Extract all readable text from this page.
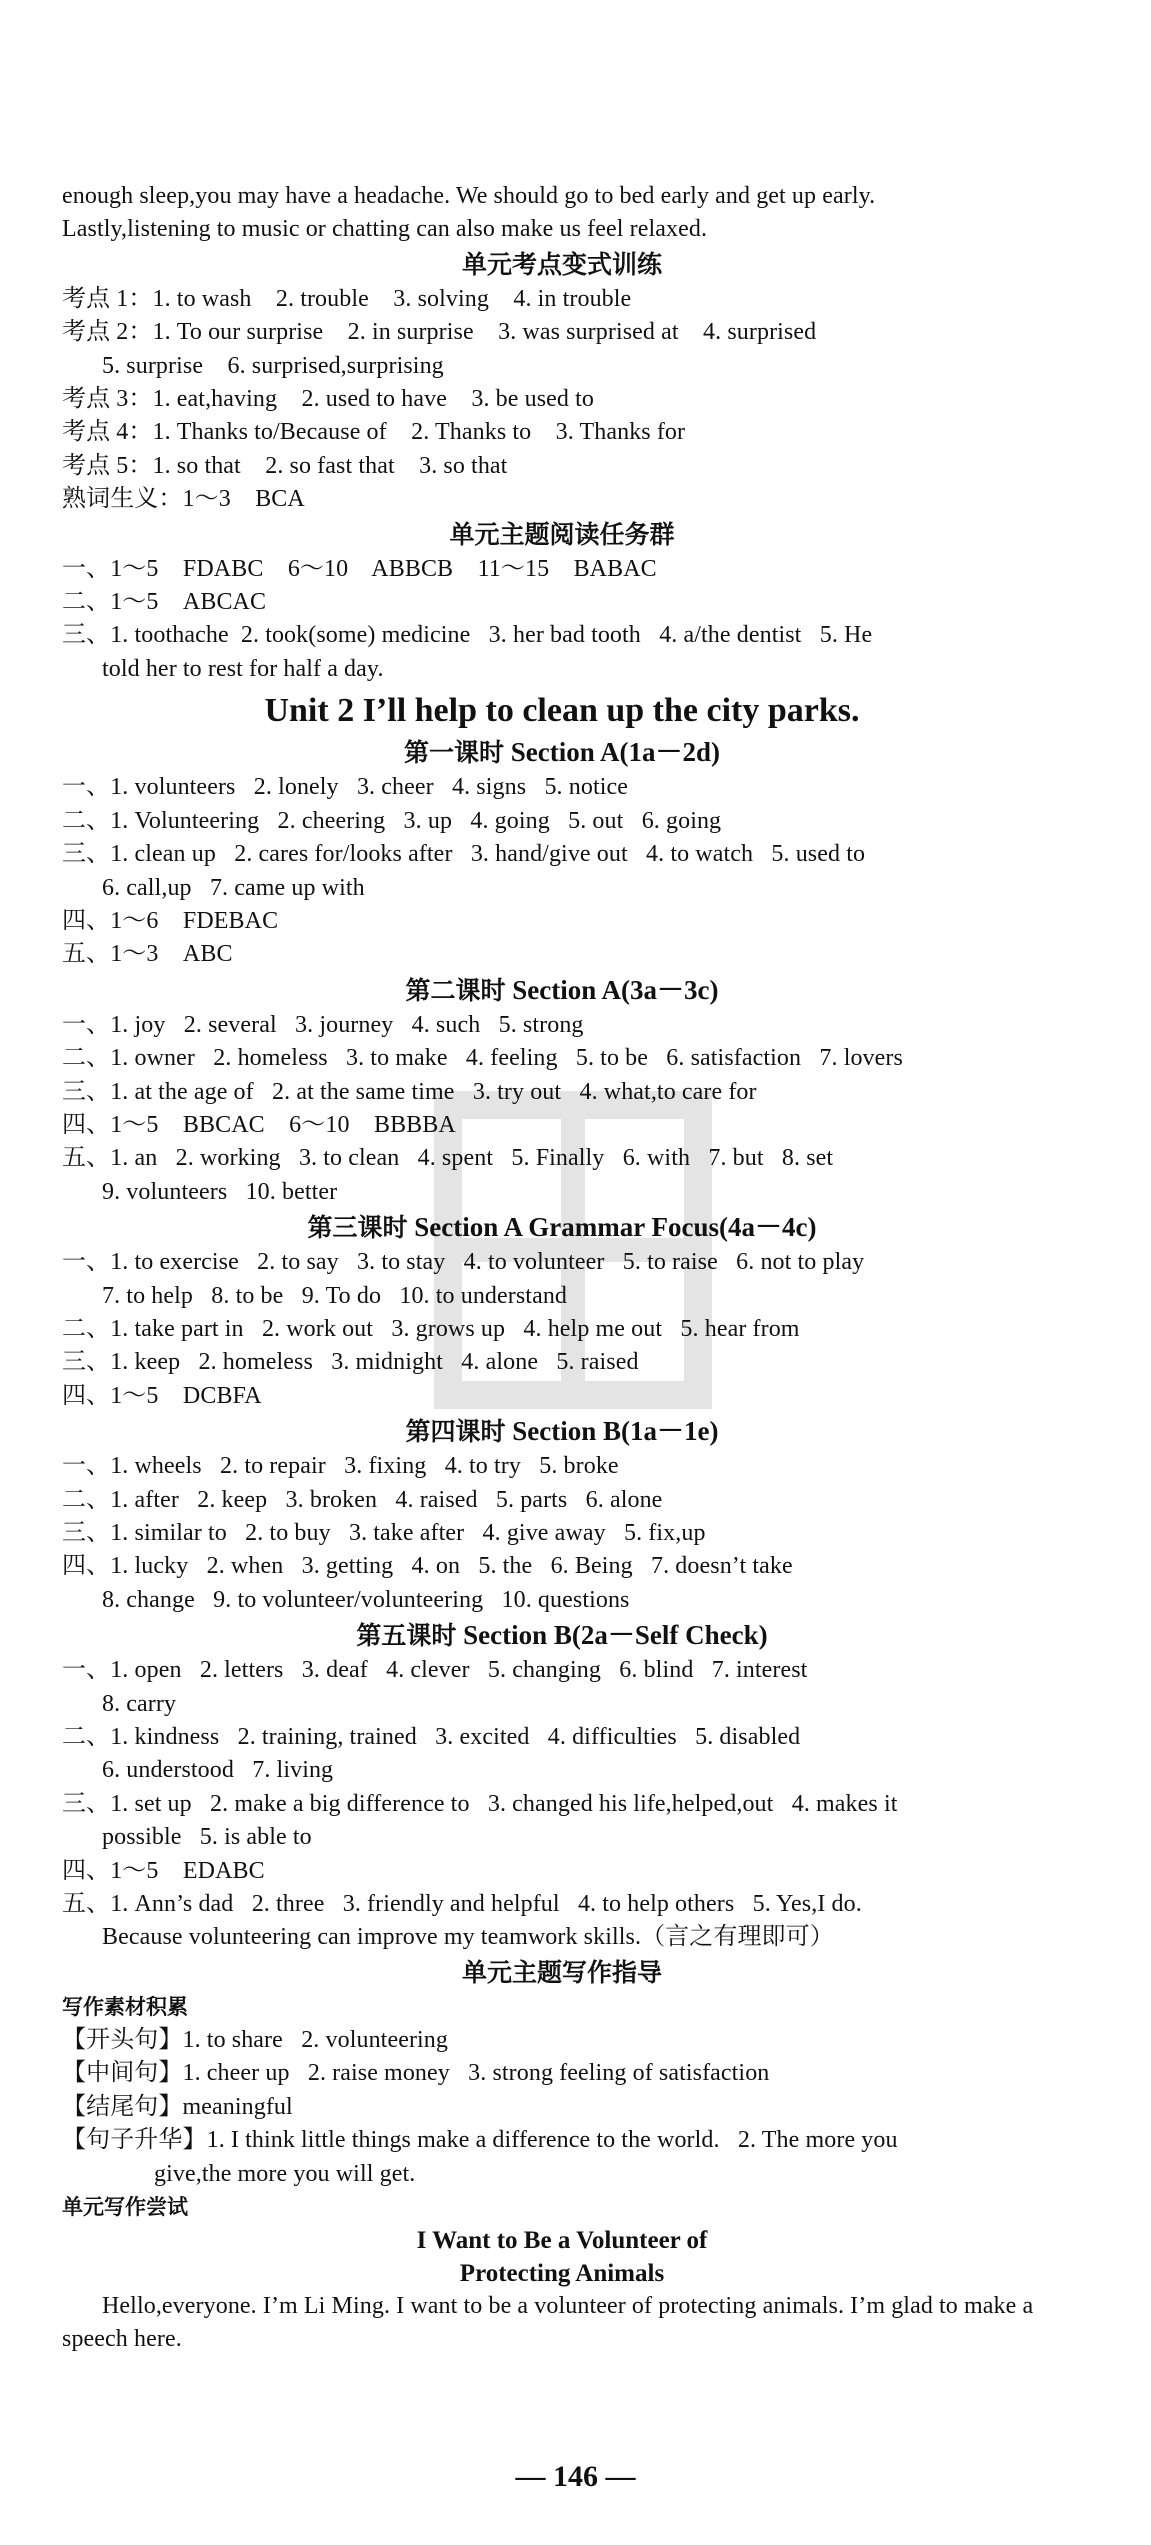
enough sleep,you may have a headache. We should go to bed early and get up early.
Lastly,listening to music or chatting can also make us feel relaxed.
单元考点变式训练
考点 1：1. to wash    2. trouble    3. solving    4. in trouble
考点 2：1. To our surprise    2. in surprise    3. was surprised at    4. surprised
5. surprise    6. surprised,surprising
考点 3：1. eat,having    2. used to have    3. be used to
考点 4：1. Thanks to/Because of    2. Thanks to    3. Thanks for
考点 5：1. so that    2. so fast that    3. so that
熟词生义：1～3    BCA
单元主题阅读任务群
一、1～5    FDABC    6～10    ABBCB    11～15    BABAC
二、1～5    ABCAC
三、1. toothache  2. took(some) medicine   3. her bad tooth   4. a/the dentist   5. He
told her to rest for half a day.
Unit 2 I’ll help to clean up the city parks.
第一课时 Section A(1a－2d)
一、1. volunteers   2. lonely   3. cheer   4. signs   5. notice
二、1. Volunteering   2. cheering   3. up   4. going   5. out   6. going
三、1. clean up   2. cares for/looks after   3. hand/give out   4. to watch   5. used to
6. call,up   7. came up with
四、1～6    FDEBAC
五、1～3    ABC
第二课时 Section A(3a－3c)
一、1. joy   2. several   3. journey   4. such   5. strong
二、1. owner   2. homeless   3. to make   4. feeling   5. to be   6. satisfaction   7. lovers
三、1. at the age of   2. at the same time   3. try out   4. what,to care for
四、1～5    BBCAC    6～10    BBBBA
五、1. an   2. working   3. to clean   4. spent   5. Finally   6. with   7. but   8. set
9. volunteers   10. better
第三课时 Section A Grammar Focus(4a－4c)
一、1. to exercise   2. to say   3. to stay   4. to volunteer   5. to raise   6. not to play
7. to help   8. to be   9. To do   10. to understand
二、1. take part in   2. work out   3. grows up   4. help me out   5. hear from
三、1. keep   2. homeless   3. midnight   4. alone   5. raised
四、1～5    DCBFA
第四课时 Section B(1a－1e)
一、1. wheels   2. to repair   3. fixing   4. to try   5. broke
二、1. after   2. keep   3. broken   4. raised   5. parts   6. alone
三、1. similar to   2. to buy   3. take after   4. give away   5. fix,up
四、1. lucky   2. when   3. getting   4. on   5. the   6. Being   7. doesn’t take
8. change   9. to volunteer/volunteering   10. questions
第五课时 Section B(2a－Self Check)
一、1. open   2. letters   3. deaf   4. clever   5. changing   6. blind   7. interest
8. carry
二、1. kindness   2. training, trained   3. excited   4. difficulties   5. disabled
6. understood   7. living
三、1. set up   2. make a big difference to   3. changed his life,helped,out   4. makes it
possible   5. is able to
四、1～5    EDABC
五、1. Ann’s dad   2. three   3. friendly and helpful   4. to help others   5. Yes,I do.
Because volunteering can improve my teamwork skills.（言之有理即可）
单元主题写作指导
写作素材积累
【开头句】1. to share   2. volunteering
【中间句】1. cheer up   2. raise money   3. strong feeling of satisfaction
【结尾句】meaningful
【句子升华】1. I think little things make a difference to the world.   2. The more you
give,the more you will get.
单元写作尝试
I Want to Be a Volunteer of
Protecting Animals
Hello,everyone. I’m Li Ming. I want to be a volunteer of protecting animals. I’m glad to make a speech here.
— 146 —
